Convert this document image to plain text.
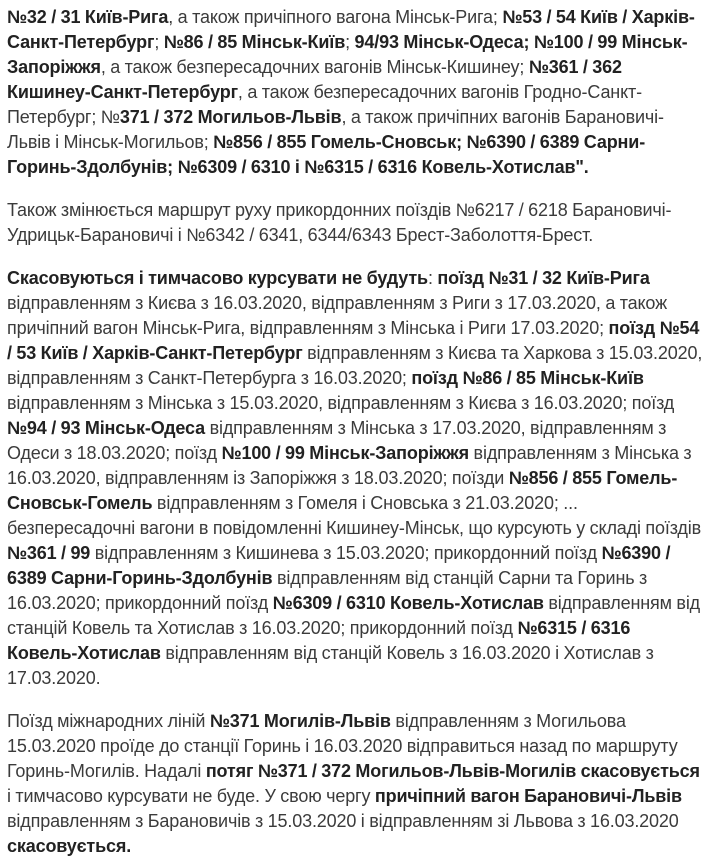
№32 / 31 Київ-Рига, а також причіпного вагона Мінськ-Рига; №53 / 54 Київ / Харків-Санкт-Петербург; №86 / 85 Мінськ-Київ; 94/93 Мінськ-Одеса; №100 / 99 Мінськ-Запоріжжя, а також безпересадочних вагонів Мінськ-Кишинеу; №361 / 362 Кишинеу-Санкт-Петербург, а також безпересадочних вагонів Гродно-Санкт-Петербург; №371 / 372 Могильов-Львів, а також причіпних вагонів Барановичі-Львів і Мінськ-Могильов; №856 / 855 Гомель-Сновськ; №6390 / 6389 Сарни-Горинь-Здолбунів; №6309 / 6310 і №6315 / 6316 Ковель-Хотислав".

Також змінюється маршрут руху прикордонних поїздів №6217 / 6218 Барановичі-Удрицьк-Барановичі і №6342 / 6341, 6344/6343 Брест-Заболоття-Брест.

Скасовуються і тимчасово курсувати не будуть: поїзд №31 / 32 Київ-Рига відправленням з Києва з 16.03.2020, відправленням з Риги з 17.03.2020, а також причіпний вагон Мінськ-Рига, відправленням з Мінська і Риги 17.03.2020; поїзд №54 / 53 Київ / Харків-Санкт-Петербург відправленням з Києва та Харкова з 15.03.2020, відправленням з Санкт-Петербурга з 16.03.2020; поїзд №86 / 85 Мінськ-Київ відправленням з Мінська з 15.03.2020, відправленням з Києва з 16.03.2020; поїзд №94 / 93 Мінськ-Одеса відправленням з Мінська з 17.03.2020, відправленням з Одеси з 18.03.2020; поїзд №100 / 99 Мінськ-Запоріжжя відправленням з Мінська з 16.03.2020, відправленням із Запоріжжя з 18.03.2020; поїзди №856 / 855 Гомель-Сновськ-Гомель відправленням з Гомеля і Сновська з 21.03.2020; ... безпересадочні вагони в повідомленні Кишинеу-Мінськ, що курсують у складі поїздів №361 / 99 відправленням з Кишинева з 15.03.2020; прикордонний поїзд №6390 / 6389 Сарни-Горинь-Здолбунів відправленням від станцій Сарни та Горинь з 16.03.2020; прикордонний поїзд №6309 / 6310 Ковель-Хотислав відправленням від станцій Ковель та Хотислав з 16.03.2020; прикордонний поїзд №6315 / 6316 Ковель-Хотислав відправленням від станцій Ковель з 16.03.2020 і Хотислав з 17.03.2020.

Поїзд міжнародних ліній №371 Могилів-Львів відправленням з Могильова 15.03.2020 проїде до станції Горинь і 16.03.2020 відправиться назад по маршруту Горинь-Могилів. Надалі потяг №371 / 372 Могильов-Львів-Могилів скасовується і тимчасово курсувати не буде. У свою чергу причіпний вагон Барановичі-Львів відправленням з Барановичів з 15.03.2020 і відправленням зі Львова з 16.03.2020 скасовується.
